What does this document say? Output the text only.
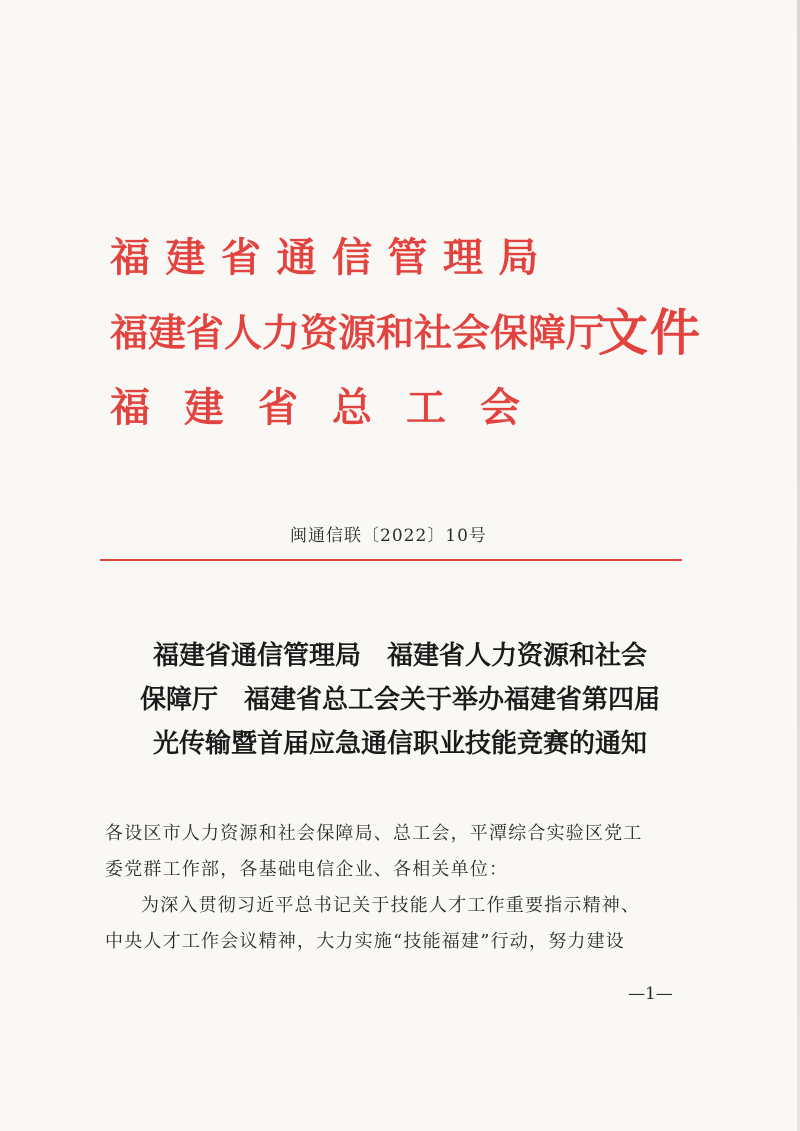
福建省通信管理局
福建省人力资源和社会保障厅
福建省总工会
文件
闽通信联〔2022〕10号
福建省通信管理局　福建省人力资源和社会
保障厅　福建省总工会关于举办福建省第四届
光传输暨首届应急通信职业技能竞赛的通知
各设区市人力资源和社会保障局、总工会，平潭综合实验区党工
委党群工作部，各基础电信企业、各相关单位：
为深入贯彻习近平总书记关于技能人才工作重要指示精神、
中央人才工作会议精神，大力实施“技能福建”行动，努力建设
—1—
